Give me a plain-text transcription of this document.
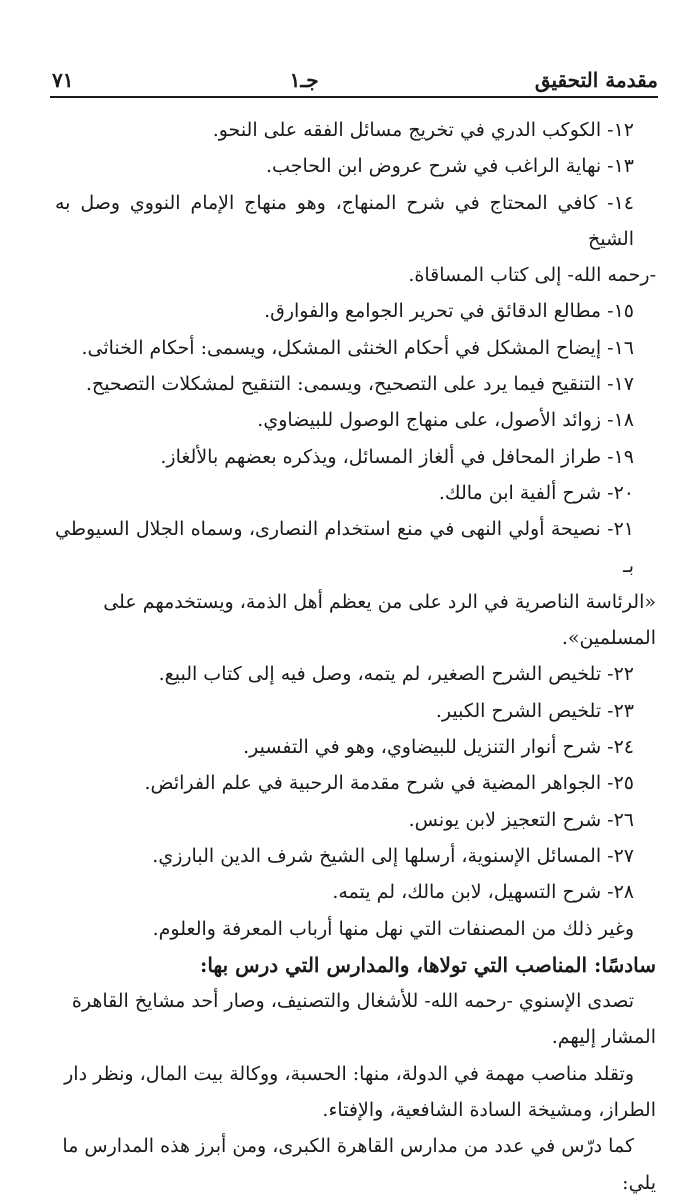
٧١	جـ١	مقدمة التحقيق

١٢- الكوكب الدري في تخريج مسائل الفقه على النحو.

١٣- نهاية الراغب في شرح عروض ابن الحاجب.

١٤- كافي المحتاج في شرح المنهاج، وهو منهاج الإمام النووي وصل به الشيخ

-رحمه الله- إلى كتاب المساقاة.

١٥- مطالع الدقائق في تحرير الجوامع والفوارق.

١٦- إيضاح المشكل في أحكام الخنثى المشكل، ويسمى: أحكام الخناثى.

١٧- التنقيح فيما يرد على التصحيح، ويسمى: التنقيح لمشكلات التصحيح.

١٨- زوائد الأصول، على منهاج الوصول للبيضاوي.

١٩- طراز المحافل في ألغاز المسائل، ويذكره بعضهم بالألغاز.

٢٠- شرح ألفية ابن مالك.

٢١- نصيحة أولي النهى في منع استخدام النصارى، وسماه الجلال السيوطي بـ

«الرئاسة الناصرية في الرد على من يعظم أهل الذمة، ويستخدمهم على المسلمين».

٢٢- تلخيص الشرح الصغير، لم يتمه، وصل فيه إلى كتاب البيع.

٢٣- تلخيص الشرح الكبير.

٢٤- شرح أنوار التنزيل للبيضاوي، وهو في التفسير.

٢٥- الجواهر المضية في شرح مقدمة الرحبية في علم الفرائض.

٢٦- شرح التعجيز لابن يونس.

٢٧- المسائل الإسنوية، أرسلها إلى الشيخ شرف الدين البارزي.

٢٨- شرح التسهيل، لابن مالك، لم يتمه.

وغير ذلك من المصنفات التي نهل منها أرباب المعرفة والعلوم.

سادسًا: المناصب التي تولاها، والمدارس التي درس بها:

تصدى الإسنوي -رحمه الله- للأشغال والتصنيف، وصار أحد مشايخ القاهرة

المشار إليهم.

وتقلد مناصب مهمة في الدولة، منها: الحسبة، ووكالة بيت المال، ونظر دار

الطراز، ومشيخة السادة الشافعية، والإفتاء.

كما درّس في عدد من مدارس القاهرة الكبرى، ومن أبرز هذه المدارس ما يلي:
